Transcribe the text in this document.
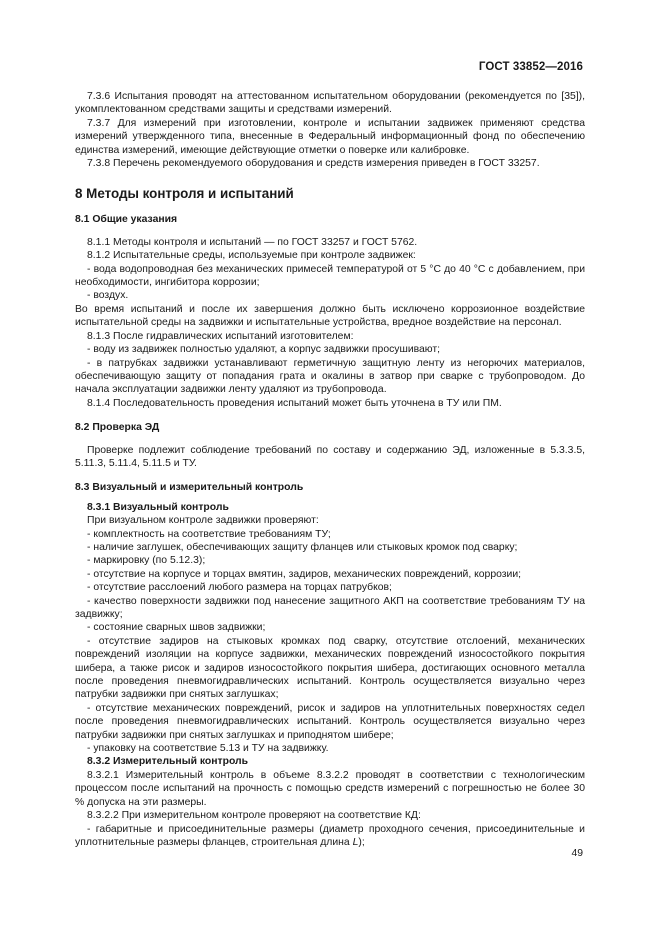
ГОСТ 33852—2016

7.3.6 Испытания проводят на аттестованном испытательном оборудовании (рекомендуется по [35]), укомплектованном средствами защиты и средствами измерений.

7.3.7 Для измерений при изготовлении, контроле и испытании задвижек применяют средства измерений утвержденного типа, внесенные в Федеральный информационный фонд по обеспечению единства измерений, имеющие действующие отметки о поверке или калибровке.

7.3.8 Перечень рекомендуемого оборудования и средств измерения приведен в ГОСТ 33257.

8 Методы контроля и испытаний

8.1 Общие указания

8.1.1 Методы контроля и испытаний — по ГОСТ 33257 и ГОСТ 5762.

8.1.2 Испытательные среды, используемые при контроле задвижек:

- вода водопроводная без механических примесей температурой от 5 °С до 40 °С с добавлением, при необходимости, ингибитора коррозии;

- воздух.

Во время испытаний и после их завершения должно быть исключено коррозионное воздействие испытательной среды на задвижки и испытательные устройства, вредное воздействие на персонал.

8.1.3 После гидравлических испытаний изготовителем:

- воду из задвижек полностью удаляют, а корпус задвижки просушивают;

- в патрубках задвижки устанавливают герметичную защитную ленту из негорючих материалов, обеспечивающую защиту от попадания грата и окалины в затвор при сварке с трубопроводом. До начала эксплуатации задвижки ленту удаляют из трубопровода.

8.1.4 Последовательность проведения испытаний может быть уточнена в ТУ или ПМ.

8.2 Проверка ЭД

Проверке подлежит соблюдение требований по составу и содержанию ЭД, изложенные в 5.3.3.5, 5.11.3, 5.11.4, 5.11.5 и ТУ.

8.3 Визуальный и измерительный контроль

8.3.1 Визуальный контроль

При визуальном контроле задвижки проверяют:

- комплектность на соответствие требованиям ТУ;

- наличие заглушек, обеспечивающих защиту фланцев или стыковых кромок под сварку;

- маркировку (по 5.12.3);

- отсутствие на корпусе и торцах вмятин, задиров, механических повреждений, коррозии;

- отсутствие расслоений любого размера на торцах патрубков;

- качество поверхности задвижки под нанесение защитного АКП на соответствие требованиям ТУ на задвижку;

- состояние сварных швов задвижки;

- отсутствие задиров на стыковых кромках под сварку, отсутствие отслоений, механических повреждений изоляции на корпусе задвижки, механических повреждений износостойкого покрытия шибера, а также рисок и задиров износостойкого покрытия шибера, достигающих основного металла после проведения пневмогидравлических испытаний. Контроль осуществляется визуально через патрубки задвижки при снятых заглушках;

- отсутствие механических повреждений, рисок и задиров на уплотнительных поверхностях седел после проведения пневмогидравлических испытаний. Контроль осуществляется визуально через патрубки задвижки при снятых заглушках и приподнятом шибере;

- упаковку на соответствие 5.13 и ТУ на задвижку.

8.3.2 Измерительный контроль

8.3.2.1 Измерительный контроль в объеме 8.3.2.2 проводят в соответствии с технологическим процессом после испытаний на прочность с помощью средств измерений с погрешностью не более 30 % допуска на эти размеры.

8.3.2.2 При измерительном контроле проверяют на соответствие КД:

- габаритные и присоединительные размеры (диаметр проходного сечения, присоединительные и уплотнительные размеры фланцев, строительная длина L);

49
